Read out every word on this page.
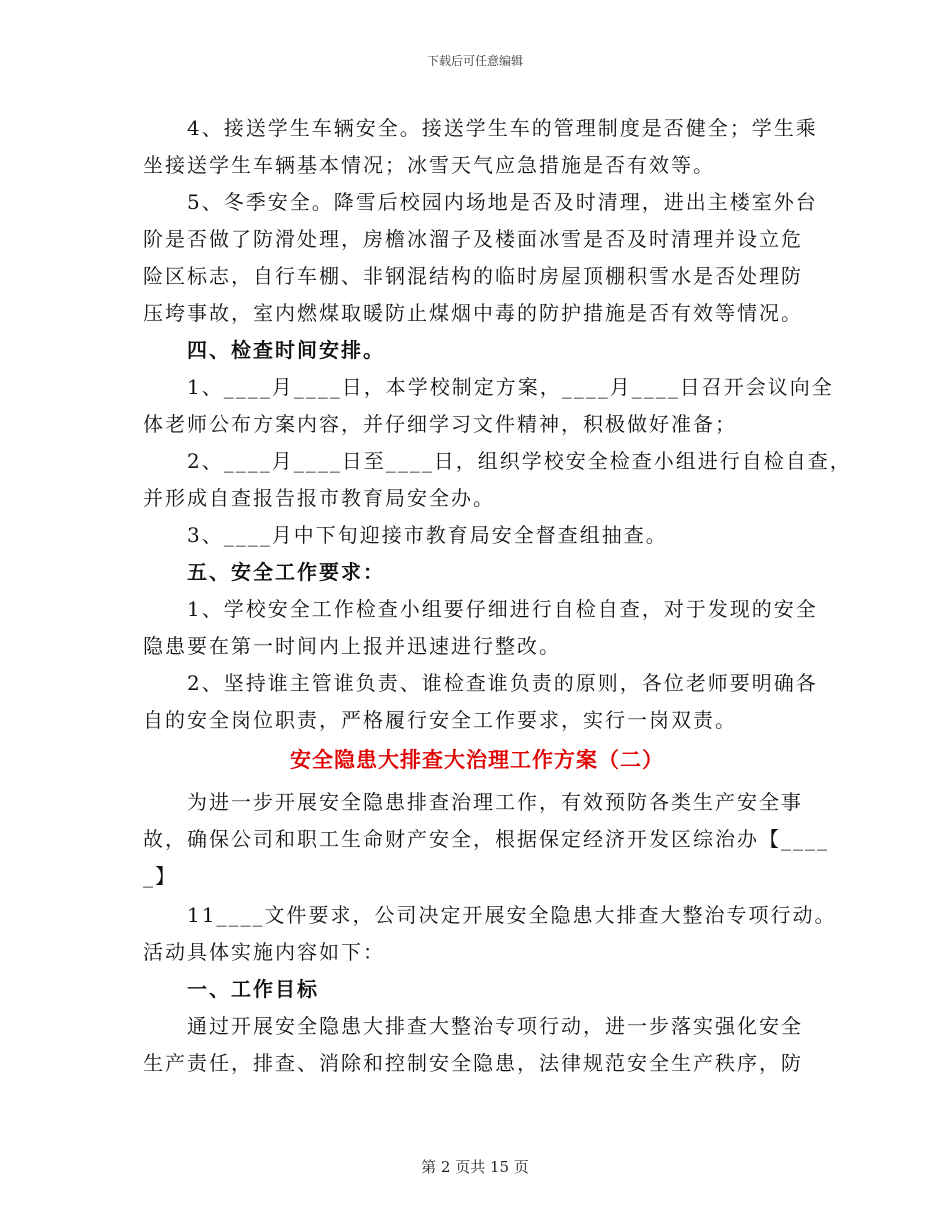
下载后可任意编辑
4、接送学生车辆安全。接送学生车的管理制度是否健全；学生乘
坐接送学生车辆基本情况；冰雪天气应急措施是否有效等。
5、冬季安全。降雪后校园内场地是否及时清理，进出主楼室外台
阶是否做了防滑处理，房檐冰溜子及楼面冰雪是否及时清理并设立危
险区标志，自行车棚、非钢混结构的临时房屋顶棚积雪水是否处理防
压垮事故，室内燃煤取暖防止煤烟中毒的防护措施是否有效等情况。
四、检查时间安排。
1、____月____日，本学校制定方案，____月____日召开会议向全
体老师公布方案内容，并仔细学习文件精神，积极做好准备；
2、____月____日至____日，组织学校安全检查小组进行自检自查，
并形成自查报告报市教育局安全办。
3、____月中下旬迎接市教育局安全督查组抽查。
五、安全工作要求：
1、学校安全工作检查小组要仔细进行自检自查，对于发现的安全
隐患要在第一时间内上报并迅速进行整改。
2、坚持谁主管谁负责、谁检查谁负责的原则，各位老师要明确各
自的安全岗位职责，严格履行安全工作要求，实行一岗双责。
安全隐患大排查大治理工作方案（二）
为进一步开展安全隐患排查治理工作，有效预防各类生产安全事
故，确保公司和职工生命财产安全，根据保定经济开发区综治办【____
_】
11____文件要求，公司决定开展安全隐患大排查大整治专项行动。
活动具体实施内容如下：
一、工作目标
通过开展安全隐患大排查大整治专项行动，进一步落实强化安全
生产责任，排查、消除和控制安全隐患，法律规范安全生产秩序，防
第 2 页共 15 页
